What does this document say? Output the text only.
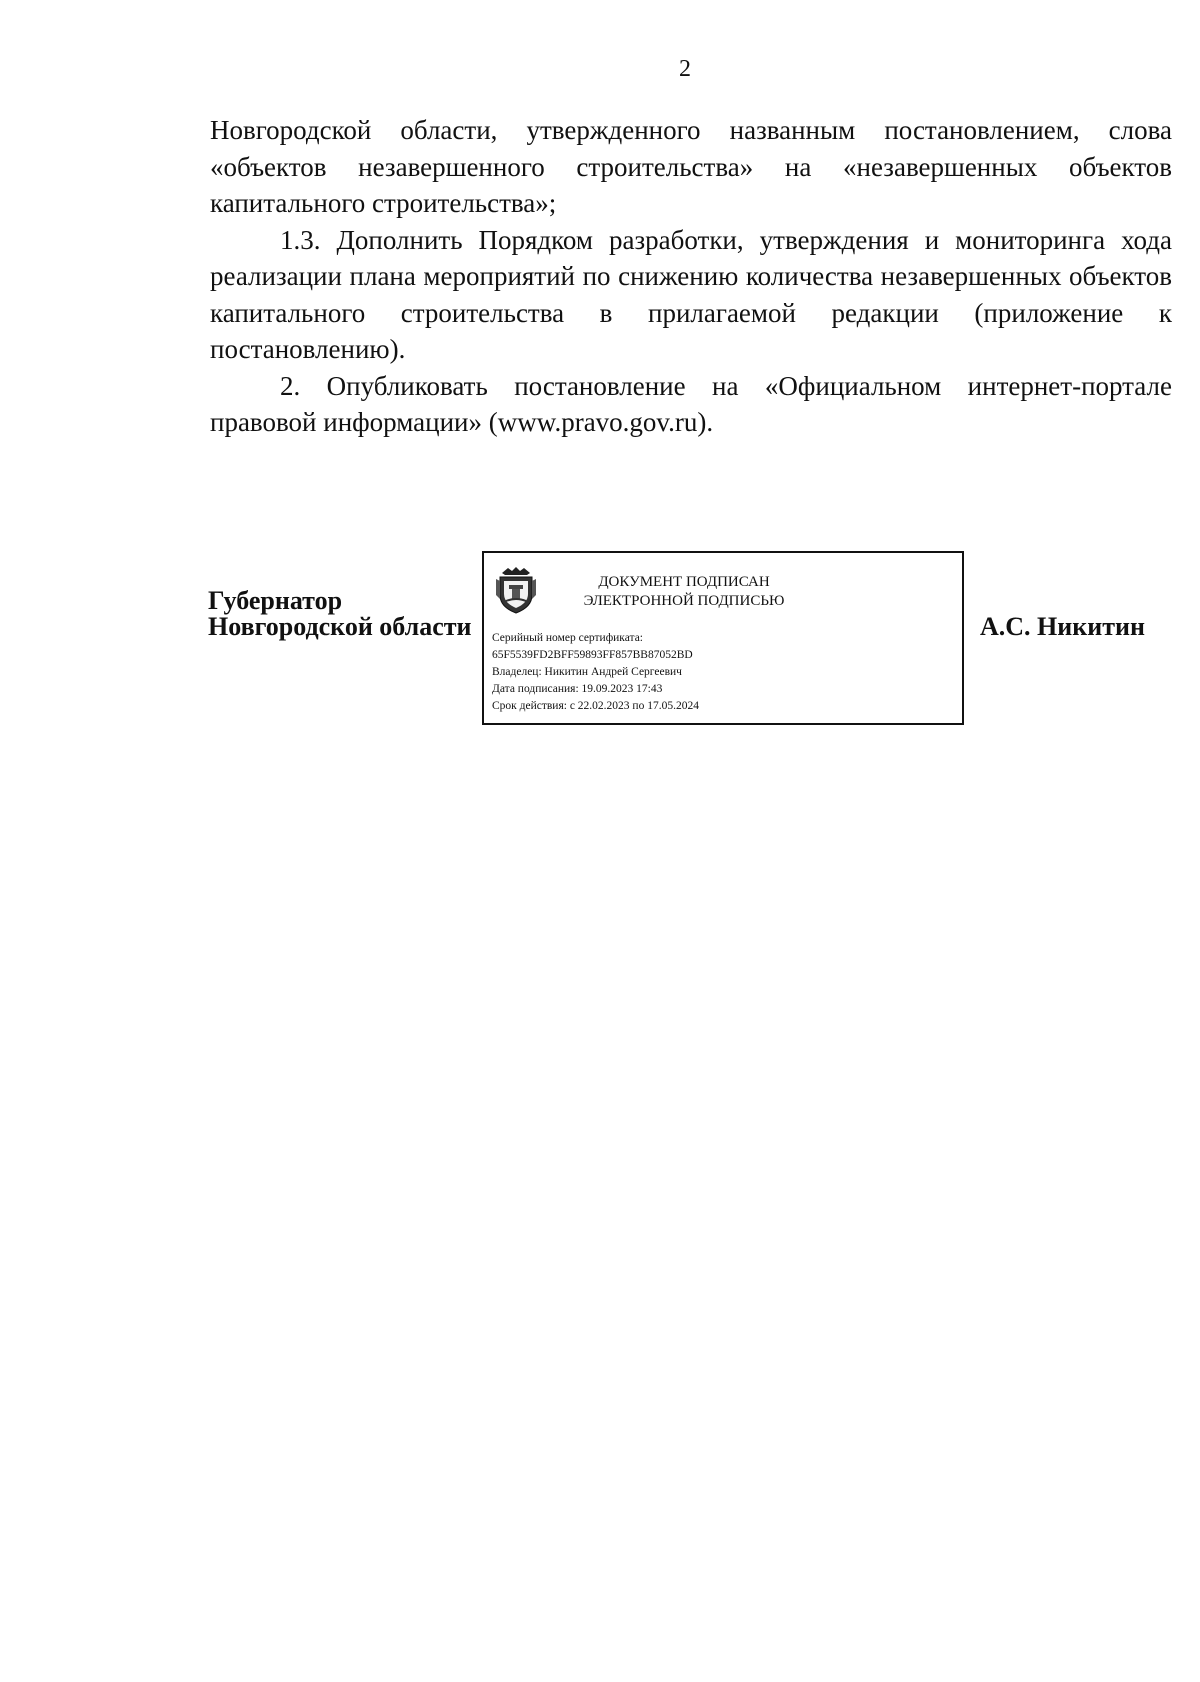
2

Новгородской области, утвержденного названным постановлением, слова «объектов незавершенного строительства» на «незавершенных объектов капитального строительства»;

1.3. Дополнить Порядком разработки, утверждения и мониторинга хода реализации плана мероприятий по снижению количества незавершенных объектов капитального строительства в прилагаемой редакции (приложение к постановлению).

2. Опубликовать постановление на «Официальном интернет-портале правовой информации» (www.pravo.gov.ru).

Губернатор
Новгородской области
ДОКУМЕНТ ПОДПИСАН
ЭЛЕКТРОННОЙ ПОДПИСЬЮ
Серийный номер сертификата:
65F5539FD2BFF59893FF857BB87052BD
Владелец: Никитин Андрей Сергеевич
Дата подписания: 19.09.2023 17:43
Срок действия: с 22.02.2023 по 17.05.2024
А.С. Никитин
